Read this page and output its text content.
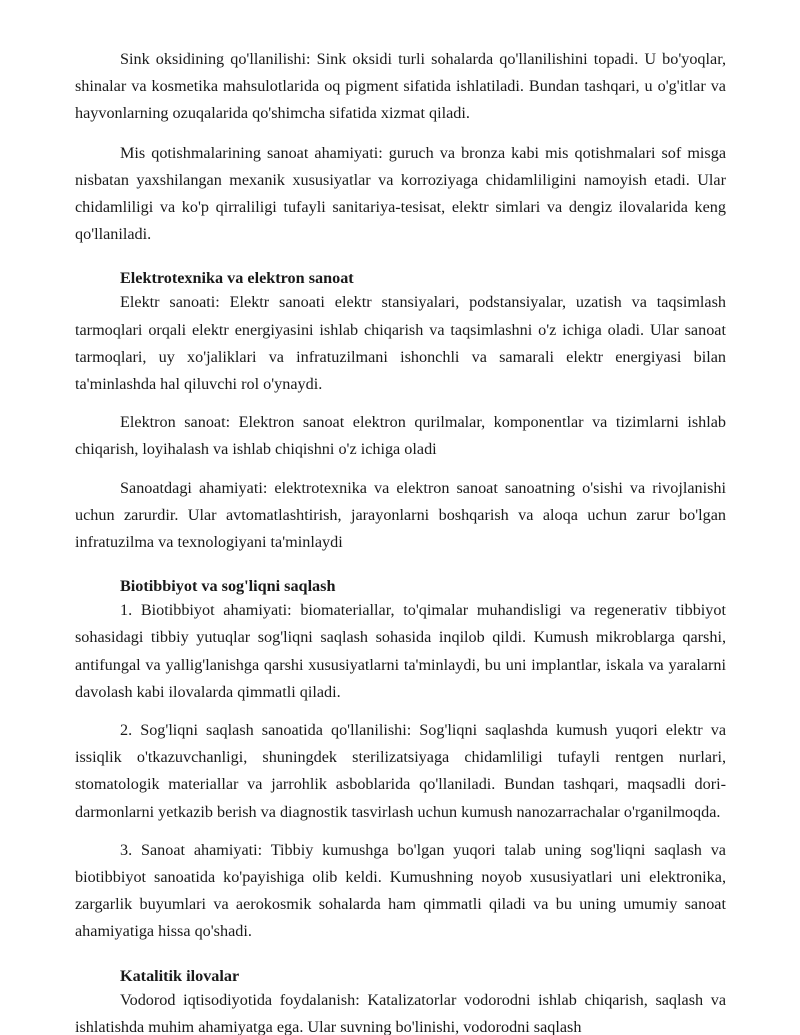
Sink oksidining qo'llanilishi: Sink oksidi turli sohalarda qo'llanilishini topadi. U bo'yoqlar, shinalar va kosmetika mahsulotlarida oq pigment sifatida ishlatiladi. Bundan tashqari, u o'g'itlar va hayvonlarning ozuqalarida qo'shimcha sifatida xizmat qiladi.

Mis qotishmalarining sanoat ahamiyati: guruch va bronza kabi mis qotishmalari sof misga nisbatan yaxshilangan mexanik xususiyatlar va korroziyaga chidamliligini namoyish etadi. Ular chidamliligi va ko'p qirraliligi tufayli sanitariya-tesisat, elektr simlari va dengiz ilovalarida keng qo'llaniladi.

Elektrotexnika va elektron sanoat

Elektr sanoati: Elektr sanoati elektr stansiyalari, podstansiyalar, uzatish va taqsimlash tarmoqlari orqali elektr energiyasini ishlab chiqarish va taqsimlashni o'z ichiga oladi. Ular sanoat tarmoqlari, uy xo'jaliklari va infratuzilmani ishonchli va samarali elektr energiyasi bilan ta'minlashda hal qiluvchi rol o'ynaydi.

Elektron sanoat: Elektron sanoat elektron qurilmalar, komponentlar va tizimlarni ishlab chiqarish, loyihalash va ishlab chiqishni o'z ichiga oladi

Sanoatdagi ahamiyati: elektrotexnika va elektron sanoat sanoatning o'sishi va rivojlanishi uchun zarurdir. Ular avtomatlashtirish, jarayonlarni boshqarish va aloqa uchun zarur bo'lgan infratuzilma va texnologiyani ta'minlaydi

Biotibbiyot va sog'liqni saqlash

1. Biotibbiyot ahamiyati: biomateriallar, to'qimalar muhandisligi va regenerativ tibbiyot sohasidagi tibbiy yutuqlar sog'liqni saqlash sohasida inqilob qildi. Kumush mikroblarga qarshi, antifungal va yallig'lanishga qarshi xususiyatlarni ta'minlaydi, bu uni implantlar, iskala va yaralarni davolash kabi ilovalarda qimmatli qiladi.

2. Sog'liqni saqlash sanoatida qo'llanilishi: Sog'liqni saqlashda kumush yuqori elektr va issiqlik o'tkazuvchanligi, shuningdek sterilizatsiyaga chidamliligi tufayli rentgen nurlari, stomatologik materiallar va jarrohlik asboblarida qo'llaniladi. Bundan tashqari, maqsadli dori-darmonlarni yetkazib berish va diagnostik tasvirlash uchun kumush nanozarrachalar o'rganilmoqda.

3. Sanoat ahamiyati: Tibbiy kumushga bo'lgan yuqori talab uning sog'liqni saqlash va biotibbiyot sanoatida ko'payishiga olib keldi. Kumushning noyob xususiyatlari uni elektronika, zargarlik buyumlari va aerokosmik sohalarda ham qimmatli qiladi va bu uning umumiy sanoat ahamiyatiga hissa qo'shadi.

Katalitik ilovalar

Vodorod iqtisodiyotida foydalanish: Katalizatorlar vodorodni ishlab chiqarish, saqlash va ishlatishda muhim ahamiyatga ega. Ular suvning bo'linishi, vodorodni saqlash
